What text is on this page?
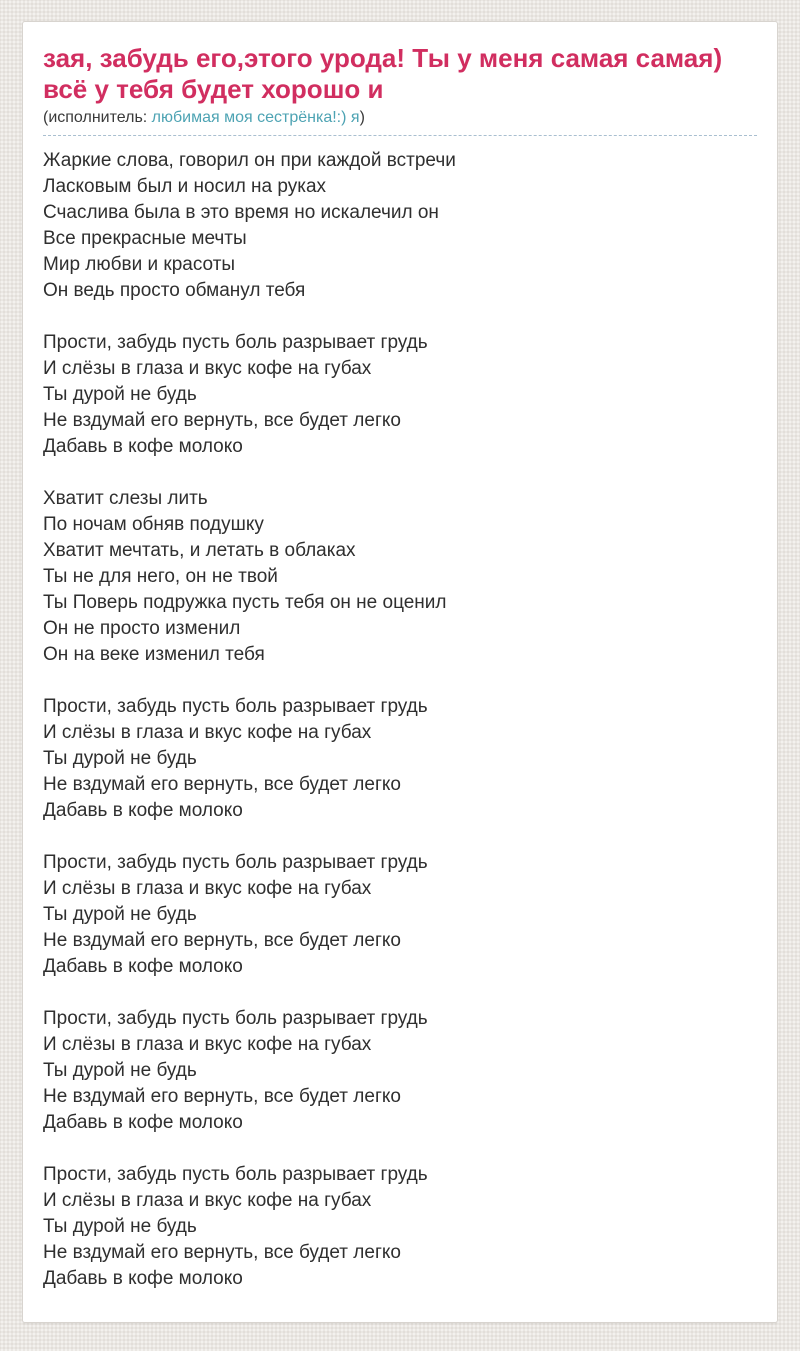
зая, забудь его,этого урода! Ты у меня самая самая) всё у тебя будет хорошо и
(исполнитель: любимая моя сестрёнка!:) я)
Жаркие слова, говорил он при каждой встречи
Ласковым был и носил на руках
Счаслива была в это время но искалечил он
Все прекрасные мечты
Мир любви и красоты
Он ведь просто обманул тебя
Прости, забудь пусть боль разрывает грудь
И слёзы в глаза и вкус кофе на губах
Ты дурой не будь
Не вздумай его вернуть, все будет легко
Дабавь в кофе молоко
Хватит слезы лить
По ночам обняв подушку
Хватит мечтать, и летать в облаках
Ты не для него, он не твой
Ты Поверь подружка пусть тебя он не оценил
Он не просто изменил
Он на веке изменил тебя
Прости, забудь пусть боль разрывает грудь
И слёзы в глаза и вкус кофе на губах
Ты дурой не будь
Не вздумай его вернуть, все будет легко
Дабавь в кофе молоко
Прости, забудь пусть боль разрывает грудь
И слёзы в глаза и вкус кофе на губах
Ты дурой не будь
Не вздумай его вернуть, все будет легко
Дабавь в кофе молоко
Прости, забудь пусть боль разрывает грудь
И слёзы в глаза и вкус кофе на губах
Ты дурой не будь
Не вздумай его вернуть, все будет легко
Дабавь в кофе молоко
Прости, забудь пусть боль разрывает грудь
И слёзы в глаза и вкус кофе на губах
Ты дурой не будь
Не вздумай его вернуть, все будет легко
Дабавь в кофе молоко
